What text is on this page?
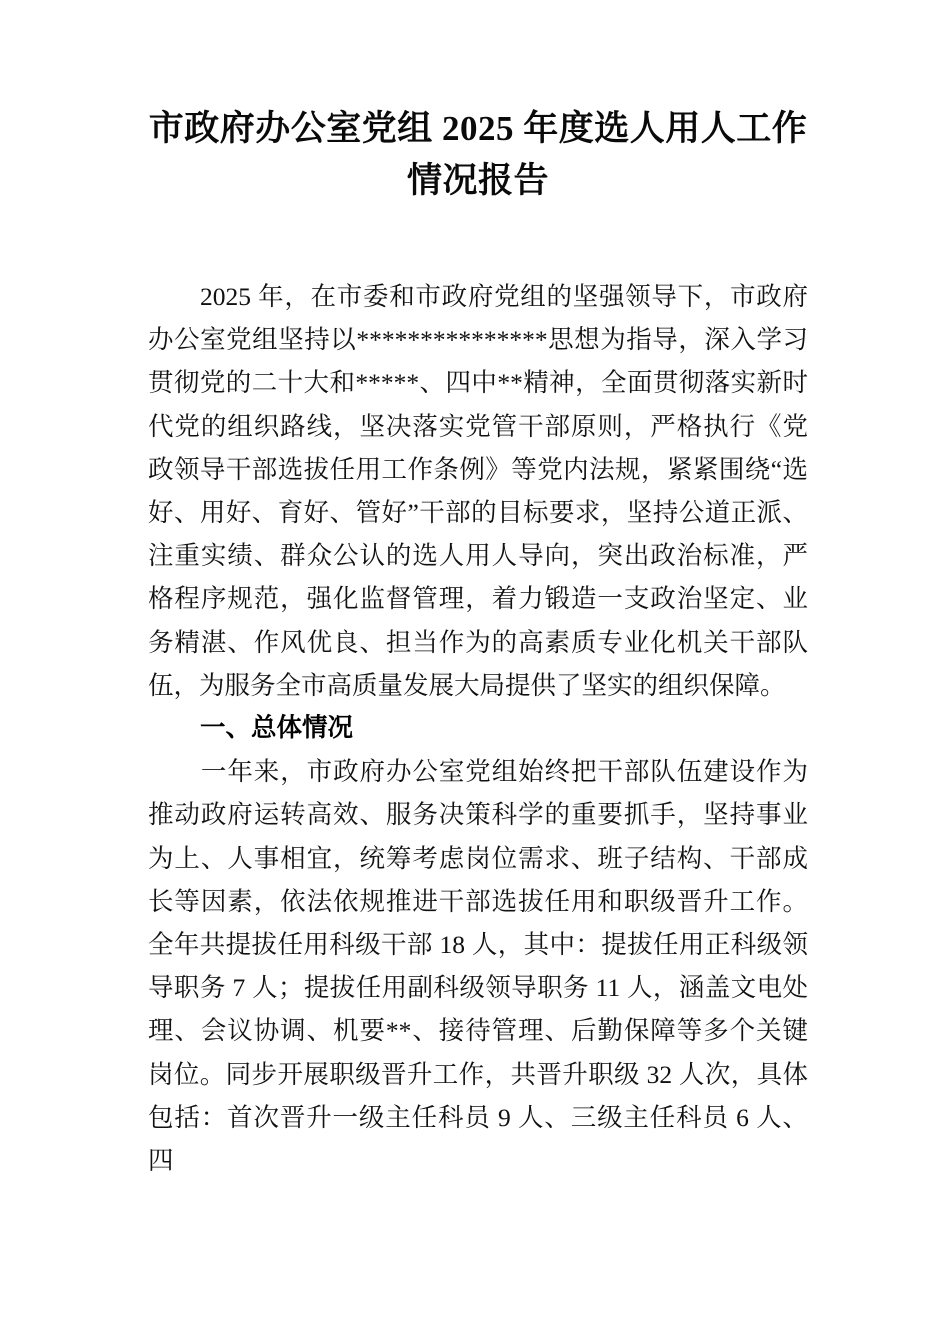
市政府办公室党组 2025 年度选人用人工作情况报告

2025 年，在市委和市政府党组的坚强领导下，市政府办公室党组坚持以***************思想为指导，深入学习贯彻党的二十大和*****、四中**精神，全面贯彻落实新时代党的组织路线，坚决落实党管干部原则，严格执行《党政领导干部选拔任用工作条例》等党内法规，紧紧围绕“选好、用好、育好、管好”干部的目标要求，坚持公道正派、注重实绩、群众公认的选人用人导向，突出政治标准，严格程序规范，强化监督管理，着力锻造一支政治坚定、业务精湛、作风优良、担当作为的高素质专业化机关干部队伍，为服务全市高质量发展大局提供了坚实的组织保障。

一、总体情况

一年来，市政府办公室党组始终把干部队伍建设作为推动政府运转高效、服务决策科学的重要抓手，坚持事业为上、人事相宜，统筹考虑岗位需求、班子结构、干部成长等因素，依法依规推进干部选拔任用和职级晋升工作。全年共提拔任用科级干部 18 人，其中：提拔任用正科级领导职务 7 人；提拔任用副科级领导职务 11 人，涵盖文电处理、会议协调、机要**、接待管理、后勤保障等多个关键岗位。同步开展职级晋升工作，共晋升职级 32 人次，具体包括：首次晋升一级主任科员 9 人、三级主任科员 6 人、四
